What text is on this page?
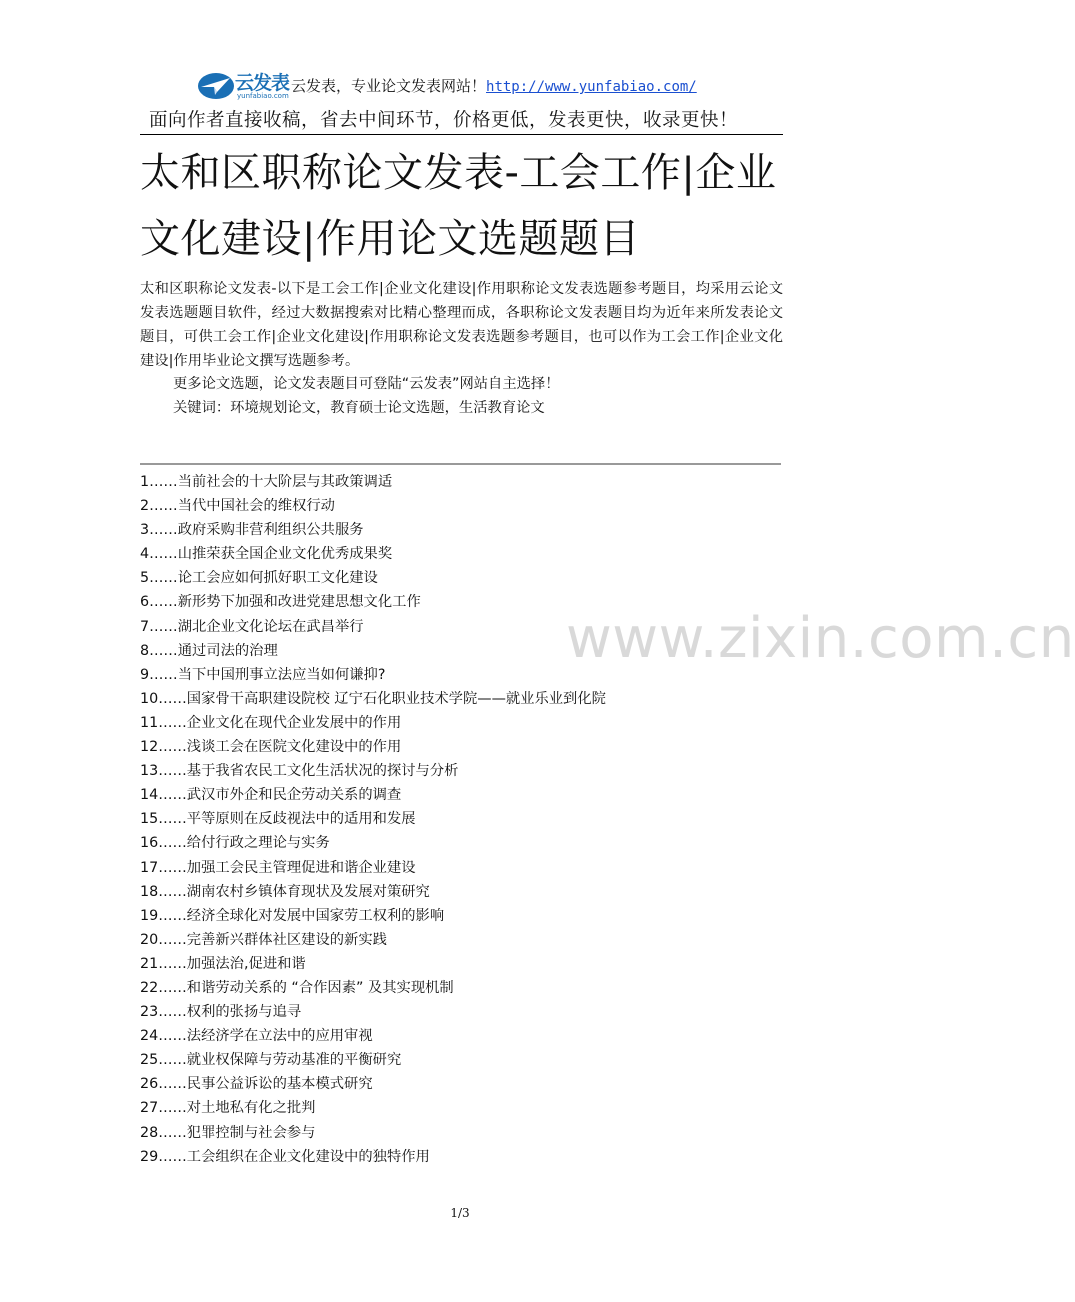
云发表
yunfabiao.com
云发表，专业论文发表网站！http://www.yunfabiao.com/
面向作者直接收稿，省去中间环节，价格更低，发表更快，收录更快！
太和区职称论文发表-工会工作|企业文化建设|作用论文选题题目
太和区职称论文发表-以下是工会工作|企业文化建设|作用职称论文发表选题参考题目，均采用云论文发表选题题目软件，经过大数据搜索对比精心整理而成，各职称论文发表题目均为近年来所发表论文题目，可供工会工作|企业文化建设|作用职称论文发表选题参考题目，也可以作为工会工作|企业文化建设|作用毕业论文撰写选题参考。
更多论文选题，论文发表题目可登陆“云发表”网站自主选择！
关键词：环境规划论文，教育硕士论文选题，生活教育论文
1……当前社会的十大阶层与其政策调适
2……当代中国社会的维权行动
3……政府采购非营利组织公共服务
4……山推荣获全国企业文化优秀成果奖
5……论工会应如何抓好职工文化建设
6……新形势下加强和改进党建思想文化工作
7……湖北企业文化论坛在武昌举行
8……通过司法的治理
9……当下中国刑事立法应当如何谦抑?
10……国家骨干高职建设院校 辽宁石化职业技术学院——就业乐业到化院
11……企业文化在现代企业发展中的作用
12……浅谈工会在医院文化建设中的作用
13……基于我省农民工文化生活状况的探讨与分析
14……武汉市外企和民企劳动关系的调查
15……平等原则在反歧视法中的适用和发展
16……给付行政之理论与实务
17……加强工会民主管理促进和谐企业建设
18……湖南农村乡镇体育现状及发展对策研究
19……经济全球化对发展中国家劳工权利的影响
20……完善新兴群体社区建设的新实践
21……加强法治,促进和谐
22……和谐劳动关系的 “合作因素” 及其实现机制
23……权利的张扬与追寻
24……法经济学在立法中的应用审视
25……就业权保障与劳动基准的平衡研究
26……民事公益诉讼的基本模式研究
27……对土地私有化之批判
28……犯罪控制与社会参与
29……工会组织在企业文化建设中的独特作用
www.zixin.com.cn
1/3
